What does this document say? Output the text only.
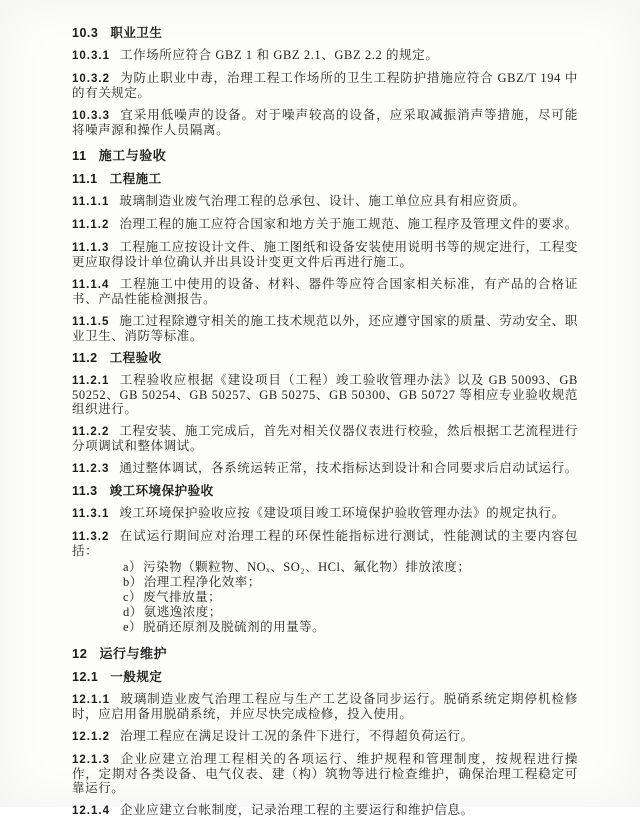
10.3 职业卫生
10.3.1 工作场所应符合 GBZ 1 和 GBZ 2.1、GBZ 2.2 的规定。
10.3.2 为防止职业中毒，治理工程工作场所的卫生工程防护措施应符合 GBZ/T 194 中的有关规定。
10.3.3 宜采用低噪声的设备。对于噪声较高的设备，应采取减振消声等措施，尽可能将噪声源和操作人员隔离。
11 施工与验收
11.1 工程施工
11.1.1 玻璃制造业废气治理工程的总承包、设计、施工单位应具有相应资质。
11.1.2 治理工程的施工应符合国家和地方关于施工规范、施工程序及管理文件的要求。
11.1.3 工程施工应按设计文件、施工图纸和设备安装使用说明书等的规定进行，工程变更应取得设计单位确认并出具设计变更文件后再进行施工。
11.1.4 工程施工中使用的设备、材料、器件等应符合国家相关标准，有产品的合格证书、产品性能检测报告。
11.1.5 施工过程除遵守相关的施工技术规范以外，还应遵守国家的质量、劳动安全、职业卫生、消防等标准。
11.2 工程验收
11.2.1 工程验收应根据《建设项目（工程）竣工验收管理办法》以及 GB 50093、GB 50252、GB 50254、GB 50257、GB 50275、GB 50300、GB 50727 等相应专业验收规范组织进行。
11.2.2 工程安装、施工完成后，首先对相关仪器仪表进行校验，然后根据工艺流程进行分项调试和整体调试。
11.2.3 通过整体调试，各系统运转正常，技术指标达到设计和合同要求后启动试运行。
11.3 竣工环境保护验收
11.3.1 竣工环境保护验收应按《建设项目竣工环境保护验收管理办法》的规定执行。
11.3.2 在试运行期间应对治理工程的环保性能指标进行测试，性能测试的主要内容包括：
a）污染物（颗粒物、NOₓ、SO₂、HCl、氟化物）排放浓度；
b）治理工程净化效率；
c）废气排放量；
d）氨逃逸浓度；
e）脱硝还原剂及脱硫剂的用量等。
12 运行与维护
12.1 一般规定
12.1.1 玻璃制造业废气治理工程应与生产工艺设备同步运行。脱硝系统定期停机检修时，应启用备用脱硝系统，并应尽快完成检修，投入使用。
12.1.2 治理工程应在满足设计工况的条件下进行，不得超负荷运行。
12.1.3 企业应建立治理工程相关的各项运行、维护规程和管理制度，按规程进行操作，定期对各类设备、电气仪表、建（构）筑物等进行检查维护，确保治理工程稳定可靠运行。
12.1.4 企业应建立台帐制度，记录治理工程的主要运行和维护信息。
